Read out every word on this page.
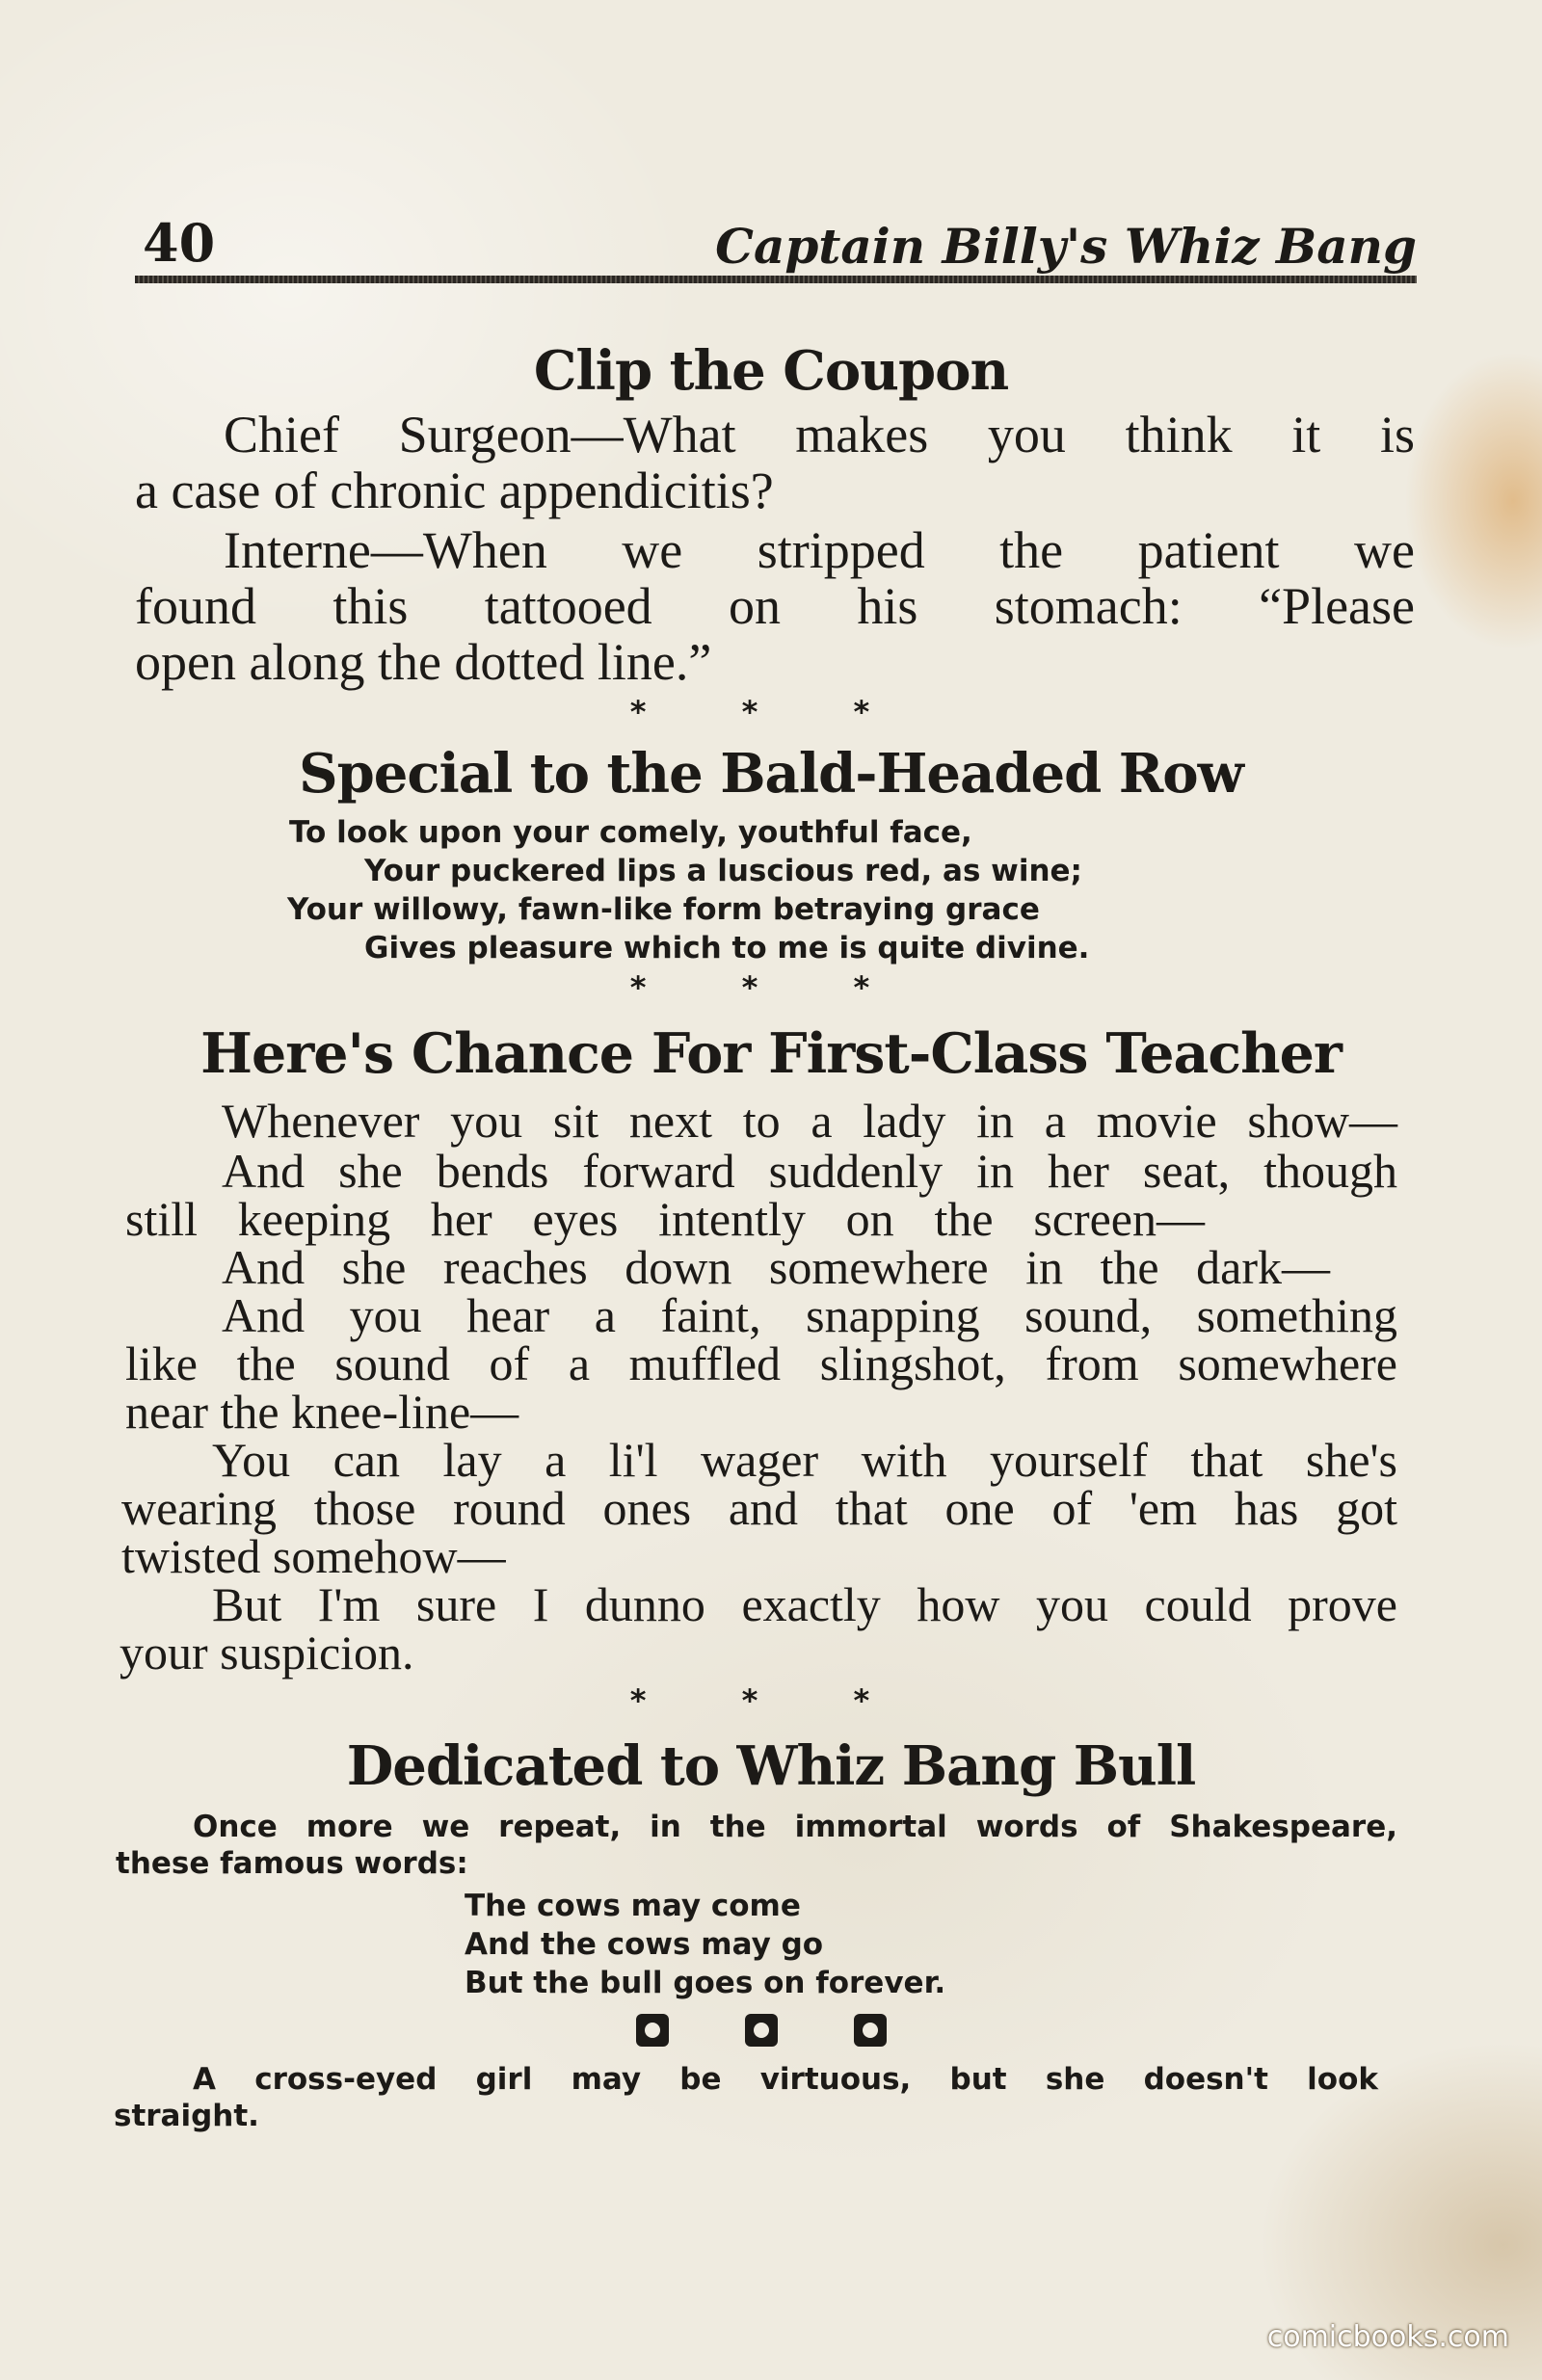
40	Captain Billy's Whiz Bang
Clip the Coupon
Chief Surgeon—What makes you think it is
a case of chronic appendicitis?
Interne—When we stripped the patient we
found this tattooed on his stomach: “Please
open along the dotted line.”
* * *
Special to the Bald-Headed Row
To look upon your comely, youthful face,
Your puckered lips a luscious red, as wine;
Your willowy, fawn-like form betraying grace
Gives pleasure which to me is quite divine.
* * *
Here's Chance For First-Class Teacher
Whenever you sit next to a lady in a movie show—
And she bends forward suddenly in her seat, though
still keeping her eyes intently on the screen—
And she reaches down somewhere in the dark—
And you hear a faint, snapping sound, something
like the sound of a muffled slingshot, from somewhere
near the knee-line—
You can lay a li'l wager with yourself that she's
wearing those round ones and that one of 'em has got
twisted somehow—
But I'm sure I dunno exactly how you could prove
your suspicion.
* * *
Dedicated to Whiz Bang Bull
Once more we repeat, in the immortal words of Shakespeare,
these famous words:
The cows may come
And the cows may go
But the bull goes on forever.
A cross-eyed girl may be virtuous, but she doesn't look
straight.
comicbooks.com
